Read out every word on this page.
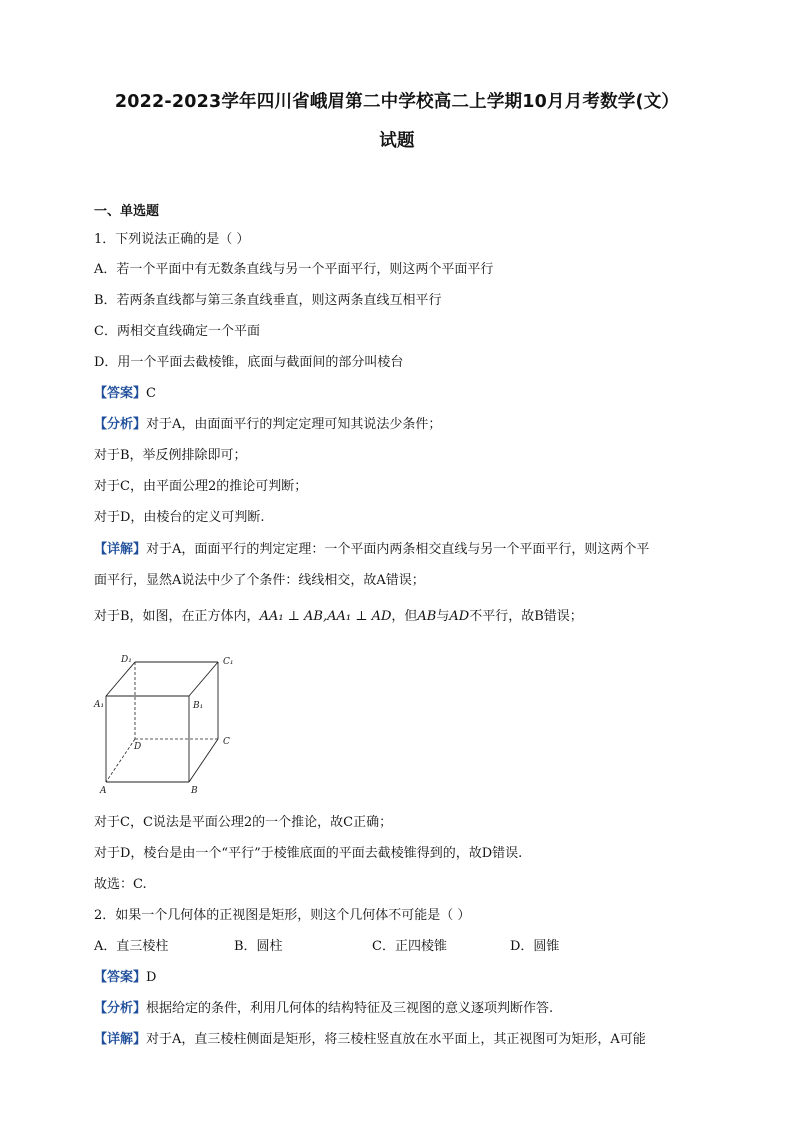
2022-2023学年四川省峨眉第二中学校高二上学期10月月考数学(文）
试题
一、单选题
1．下列说法正确的是（ ）
A．若一个平面中有无数条直线与另一个平面平行，则这两个平面平行
B．若两条直线都与第三条直线垂直，则这两条直线互相平行
C．两相交直线确定一个平面
D．用一个平面去截棱锥，底面与截面间的部分叫棱台
【答案】C
【分析】对于A，由面面平行的判定定理可知其说法少条件；
对于B，举反例排除即可；
对于C，由平面公理2的推论可判断；
对于D，由棱台的定义可判断.
【详解】对于A，面面平行的判定定理：一个平面内两条相交直线与另一个平面平行，则这两个平
面平行，显然A说法中少了个条件：线线相交，故A错误；
对于B，如图，在正方体内，AA₁ ⊥ AB,AA₁ ⊥ AD，但AB与AD不平行，故B错误；
D₁	C₁
A₁	B₁
D	C
A	B
对于C，C说法是平面公理2的一个推论，故C正确；
对于D，棱台是由一个“平行”于棱锥底面的平面去截棱锥得到的，故D错误.
故选：C.
2．如果一个几何体的正视图是矩形，则这个几何体不可能是（ ）
A．直三棱柱	B．圆柱	C．正四棱锥	D．圆锥
【答案】D
【分析】根据给定的条件，利用几何体的结构特征及三视图的意义逐项判断作答.
【详解】对于A，直三棱柱侧面是矩形，将三棱柱竖直放在水平面上，其正视图可为矩形，A可能
